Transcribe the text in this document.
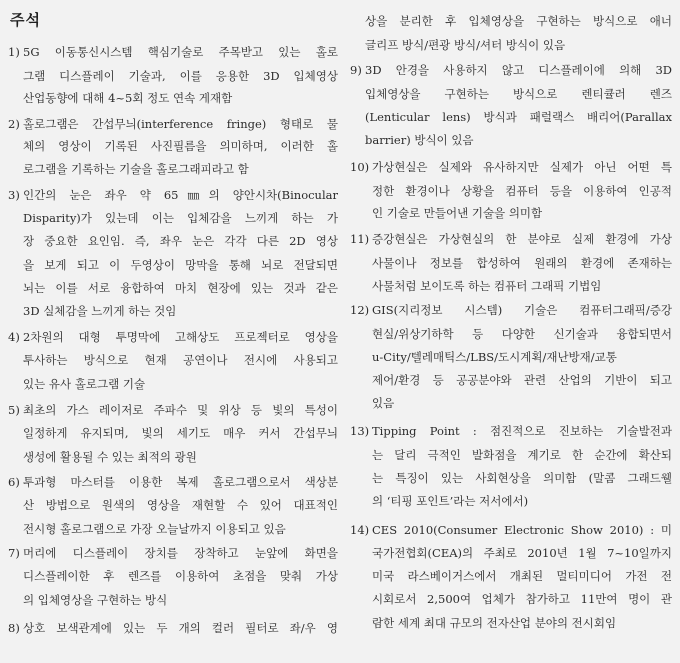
주석
1) 5G 이동통신시스템 핵심기술로 주목받고 있는 홀로
그램 디스플레이 기술과, 이를 응용한 3D 입체영상
산업동향에 대해 4~5회 정도 연속 게재함
2) 홀로그램은 간섭무늬(interference fringe) 형태로 물
체의 영상이 기록된 사진필름을 의미하며, 이러한 홀
로그램을 기록하는 기술을 홀로그래피라고 함
3) 인간의 눈은 좌우 약 65㎜의 양안시차(Binocular
Disparity)가 있는데 이는 입체감을 느끼게 하는 가
장 중요한 요인임. 즉, 좌우 눈은 각각 다른 2D 영상
을 보게 되고 이 두영상이 망막을 통해 뇌로 전달되면
뇌는 이를 서로 융합하여 마치 현장에 있는 것과 같은
3D 실체감을 느끼게 하는 것임
4) 2차원의 대형 투명막에 고해상도 프로젝터로 영상을
투사하는 방식으로 현재 공연이나 전시에 사용되고
있는 유사 홀로그램 기술
5) 최초의 가스 레이저로 주파수 및 위상 등 빛의 특성이
일정하게 유지되며, 빛의 세기도 매우 커서 간섭무늬
생성에 활용될 수 있는 최적의 광원
6) 투과형 마스터를 이용한 복제 홀로그램으로서 색상분
산 방법으로 원색의 영상을 재현할 수 있어 대표적인
전시형 홀로그램으로 가장 오늘날까지 이용되고 있음
7) 머리에 디스플레이 장치를 장착하고 눈앞에 화면을
디스플레이한 후 렌즈를 이용하여 초점을 맞춰 가상
의 입체영상을 구현하는 방식
8) 상호 보색관계에 있는 두 개의 컬러 필터로 좌/우 영
상을 분리한 후 입체영상을 구현하는 방식으로 애너
글리프 방식/편광 방식/셔터 방식이 있음
9) 3D 안경을 사용하지 않고 디스플레이에 의해 3D
입체영상을 구현하는 방식으로 렌티큘러 렌즈
(Lenticular lens) 방식과 패럴랙스 배리어(Parallax
barrier) 방식이 있음
10) 가상현실은 실제와 유사하지만 실제가 아닌 어떤 특
정한 환경이나 상황을 컴퓨터 등을 이용하여 인공적
인 기술로 만들어낸 기술을 의미함
11) 증강현실은 가상현실의 한 분야로 실제 환경에 가상
사물이나 정보를 합성하여 원래의 환경에 존재하는
사물처럼 보이도록 하는 컴퓨터 그래픽 기법임
12) GIS(지리정보 시스템) 기술은 컴퓨터그래픽/증강
현실/위상기하학 등 다양한 신기술과 융합되면서
u-City/텔레매틱스/LBS/도시계획/재난방재/교통
제어/환경 등 공공분야와 관련 산업의 기반이 되고
있음
13) Tipping Point : 점진적으로 진보하는 기술발전과
는 달리 극적인 발화점을 계기로 한 순간에 확산되
는 특징이 있는 사회현상을 의미함 (말콤 그래드웰
의 ‘티핑 포인트’라는 저서에서)
14) CES 2010(Consumer Electronic Show 2010) : 미
국가전협회(CEA)의 주최로 2010년 1월 7~10일까지
미국 라스베이거스에서 개최된 멀티미디어 가전 전
시회로서 2,500여 업체가 참가하고 11만여 명이 관
람한 세계 최대 규모의 전자산업 분야의 전시회임
